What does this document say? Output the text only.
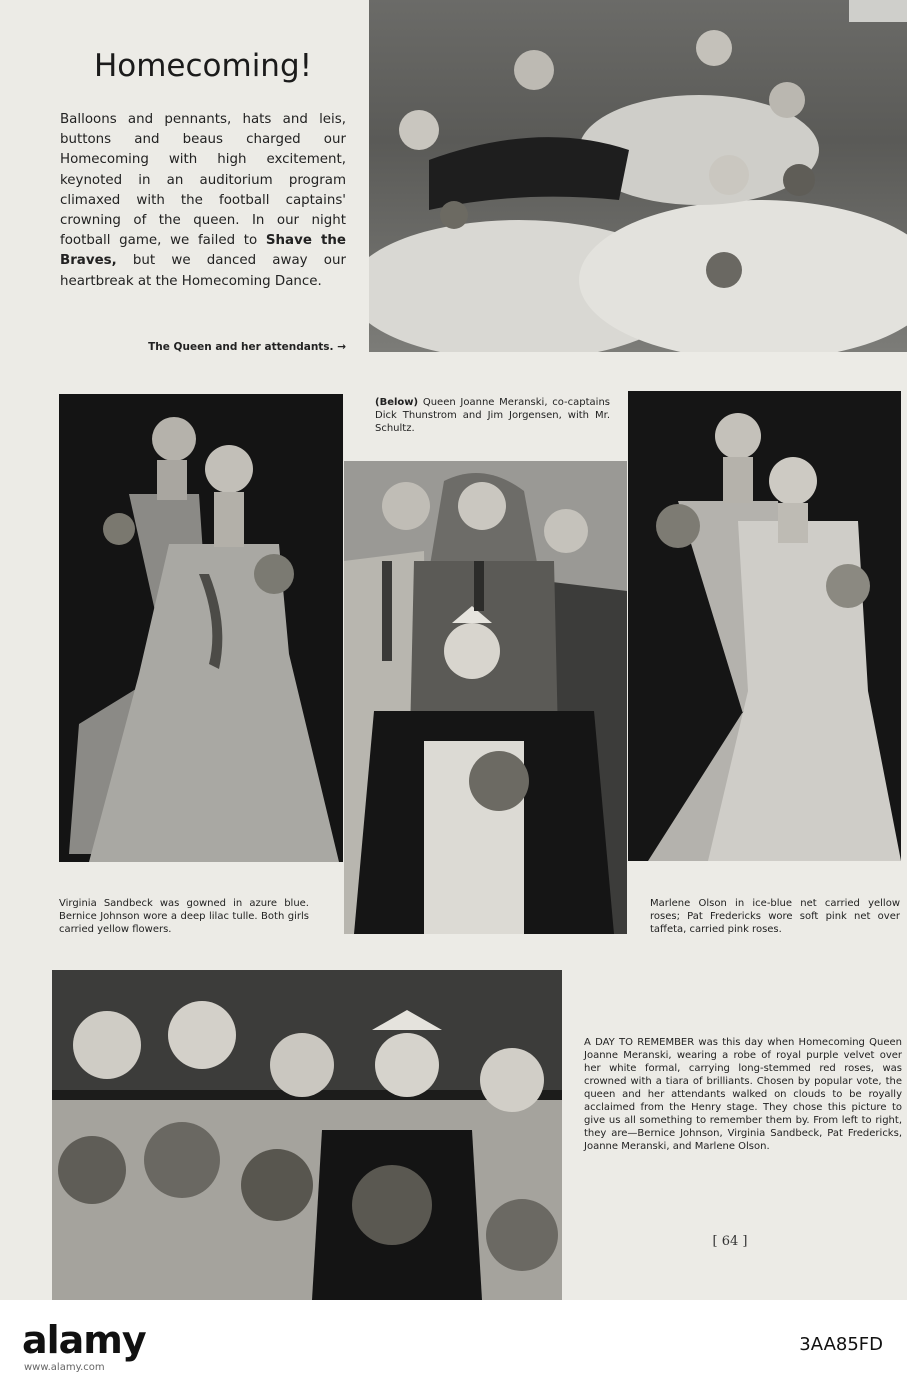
Homecoming!

Balloons and pennants, hats and leis, buttons and beaus charged our Homecoming with high excitement, keynoted in an auditorium program climaxed with the football captains' crowning of the queen. In our night football game, we failed to Shave the Braves, but we danced away our heartbreak at the Homecoming Dance.

The Queen and her attendants. →

(Below) Queen Joanne Meranski, co-captains Dick Thunstrom and Jim Jorgensen, with Mr. Schultz.

Virginia Sandbeck was gowned in azure blue. Bernice Johnson wore a deep lilac tulle. Both girls carried yellow flowers.

Marlene Olson in ice-blue net carried yellow roses; Pat Fredericks wore soft pink net over taffeta, carried pink roses.

A DAY TO REMEMBER was this day when Homecoming Queen Joanne Meranski, wearing a robe of royal purple velvet over her white formal, carrying long-stemmed red roses, was crowned with a tiara of brilliants. Chosen by popular vote, the queen and her attendants walked on clouds to be royally acclaimed from the Henry stage. They chose this picture to give us all something to remember them by. From left to right, they are—Bernice Johnson, Virginia Sandbeck, Pat Fredericks, Joanne Meranski, and Marlene Olson.

[ 64 ]
alamy	3AA85FD
www.alamy.com
